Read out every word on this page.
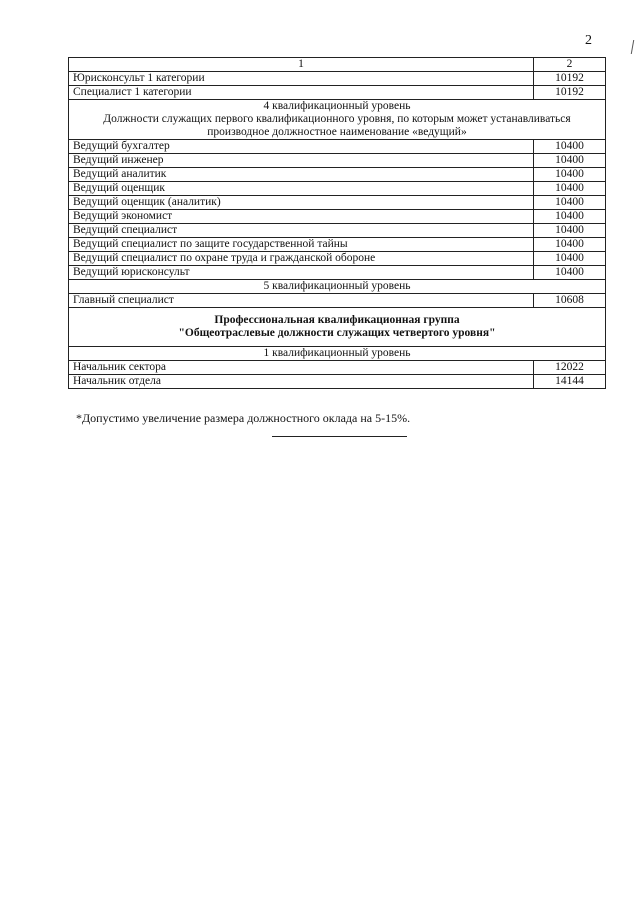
2
1	2
Юрисконсульт 1 категории	10192
Специалист 1 категории	10192

4 квалификационный уровень
Должности служащих первого квалификационного уровня, по которым может устанавливаться
производное должностное наименование «ведущий»	

Ведущий бухгалтер	10400
Ведущий инженер	10400
Ведущий аналитик	10400
Ведущий оценщик	10400
Ведущий оценщик (аналитик)	10400
Ведущий экономист	10400
Ведущий специалист	10400
Ведущий специалист по защите государственной тайны	10400
Ведущий специалист по охране труда и гражданской обороне	10400
Ведущий юрисконсульт	10400
5 квалификационный уровень	
Главный специалист	10608

Профессиональная квалификационная группа
"Общеотраслевые должности служащих четвертого уровня"	

1 квалификационный уровень	
Начальник сектора	12022
Начальник отдела	14144
*Допустимо увеличение размера должностного оклада на 5-15%.
